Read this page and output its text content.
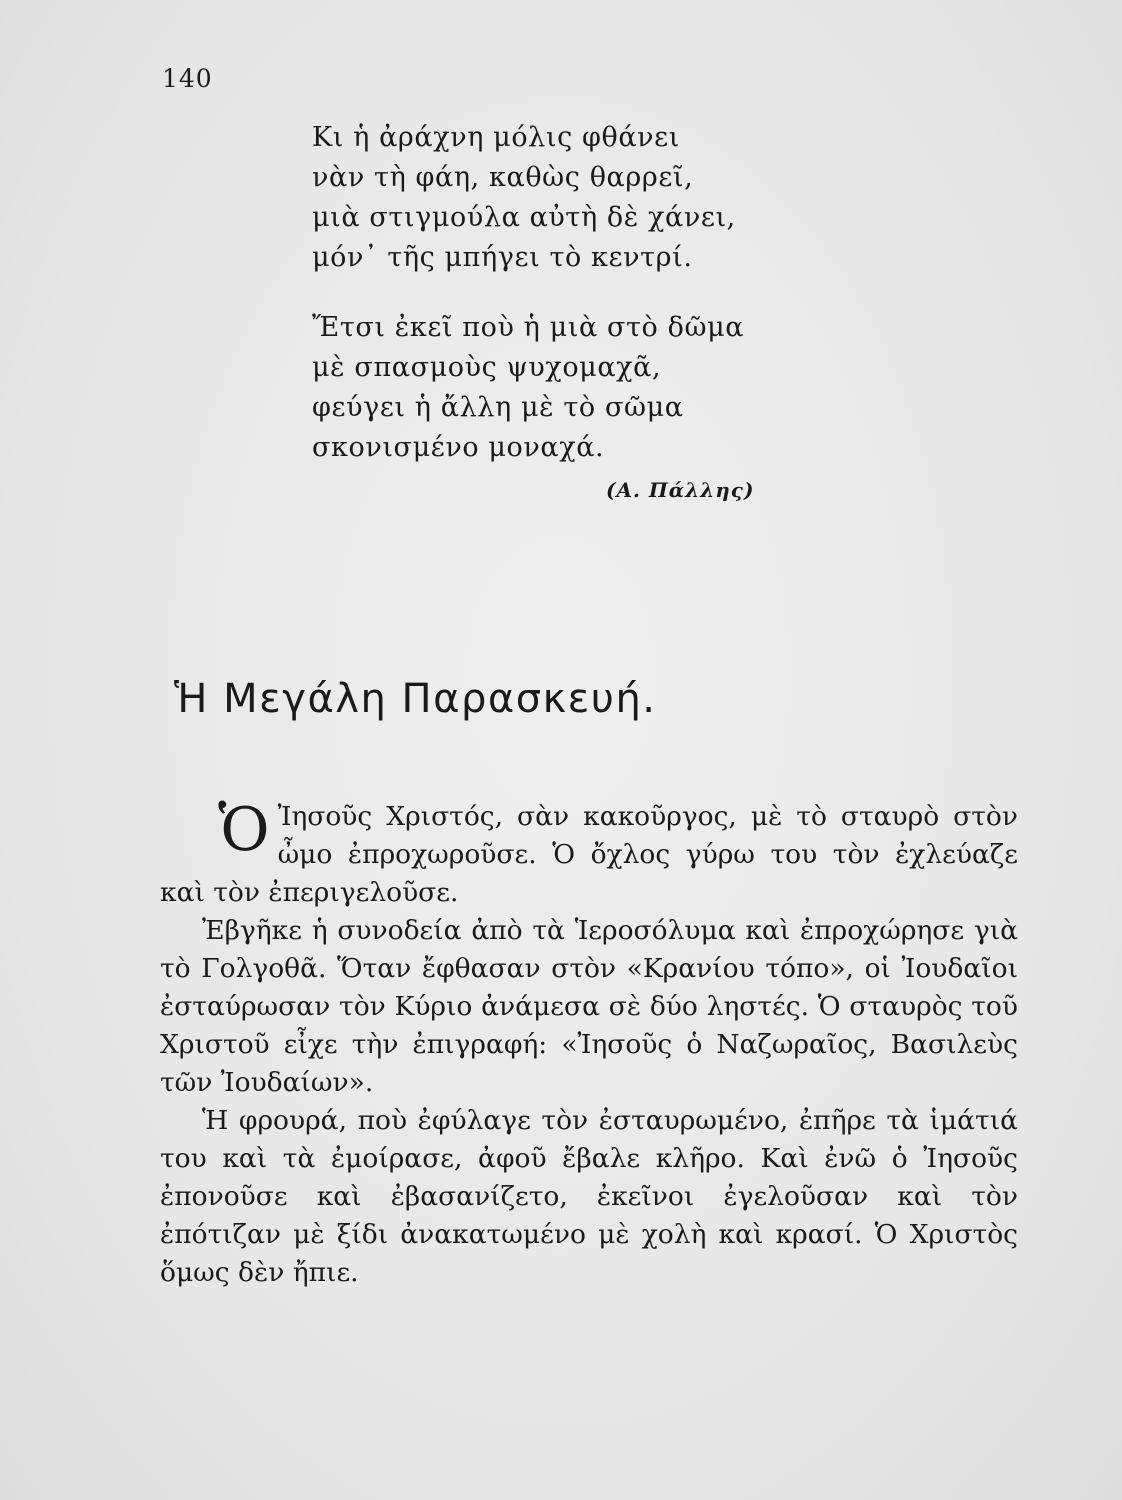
140
Κι ἡ ἀράχνη μόλις φθάνει
νὰν τὴ φάη, καθὼς θαρρεῖ,
μιὰ στιγμούλα αὐτὴ δὲ χάνει,
μόν᾿ τῆς μπήγει τὸ κεντρί.
Ἔτσι ἐκεῖ ποὺ ἡ μιὰ στὸ δῶμα
μὲ σπασμοὺς ψυχομαχᾶ,
φεύγει ἡ ἄλλη μὲ τὸ σῶμα
σκονισμένο μοναχά.
(Α. Πάλλης)
Ἡ Μεγάλη Παρασκευή.

Ὁ Ἰησοῦς Χριστός, σὰν κακοῦργος, μὲ τὸ σταυρὸ στὸν ὦμο ἐπροχωροῦσε. Ὁ ὄχλος γύρω του τὸν ἐχλεύαζε καὶ τὸν ἐπεριγελοῦσε.

Ἐβγῆκε ἡ συνοδεία ἀπὸ τὰ Ἱεροσόλυμα καὶ ἐπροχώρησε γιὰ τὸ Γολγοθᾶ. Ὅταν ἔφθασαν στὸν «Κρανίου τόπο», οἱ Ἰουδαῖοι ἐσταύρωσαν τὸν Κύριο ἀνάμεσα σὲ δύο ληστές. Ὁ σταυρὸς τοῦ Χριστοῦ εἶχε τὴν ἐπιγραφή: «Ἰησοῦς ὁ Ναζωραῖος, Βασιλεὺς τῶν Ἰουδαίων».

Ἡ φρουρά, ποὺ ἐφύλαγε τὸν ἐσταυρωμένο, ἐπῆρε τὰ ἱμάτιά του καὶ τὰ ἐμοίρασε, ἀφοῦ ἔβαλε κλῆρο. Καὶ ἐνῶ ὁ Ἰησοῦς ἐπονοῦσε καὶ ἐβασανίζετο, ἐκεῖνοι ἐγελοῦσαν καὶ τὸν ἐπότιζαν μὲ ξίδι ἀνακατωμένο μὲ χολὴ καὶ κρασί. Ὁ Χριστὸς ὅμως δὲν ἤπιε.
